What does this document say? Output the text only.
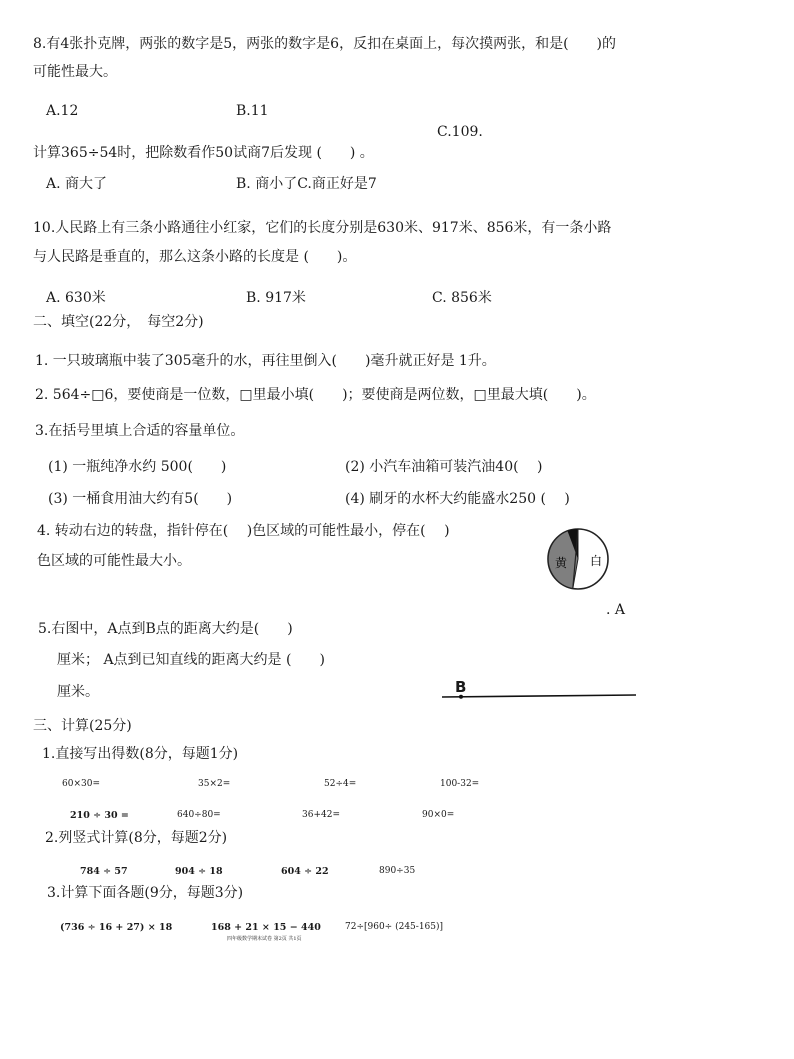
8.有4张扑克牌，两张的数字是5，两张的数字是6，反扣在桌面上，每次摸两张，和是(　　)的
可能性最大。
A.12	B.11
C.109.
计算365÷54时，把除数看作50试商7后发现 (　　) 。
A. 商大了	B. 商小了C.商正好是7
10.人民路上有三条小路通往小红家，它们的长度分别是630米、917米、856米，有一条小路
与人民路是垂直的，那么这条小路的长度是 (　　)。
A. 630米	B. 917米	C. 856米
二、填空(22分，　每空2分)
1. 一只玻璃瓶中装了305毫升的水，再往里倒入(　　)毫升就正好是 1升。
2. 564÷□6，要使商是一位数，□里最小填(　　)；要使商是两位数，□里最大填(　　)。
3.在括号里填上合适的容量单位。
(1) 一瓶纯净水约 500(　　)	(2) 小汽车油箱可装汽油40(　 )
(3) 一桶食用油大约有5(　　)	(4) 刷牙的水杯大约能盛水250 (　 )
4. 转动右边的转盘，指针停在(　 )色区域的可能性最小，停在(　 )
色区域的可能性最大小。	黄 白
. A
5.右图中，A点到B点的距离大约是(　　)
厘米； A点到已知直线的距离大约是 (　　)
厘米。	B
三、计算(25分)
1.直接写出得数(8分，每题1分)
60×30=	35×2=	52÷4=	100-32=
210 ÷ 30 =	640÷80=	36+42=	90×0=
2.列竖式计算(8分，每题2分)
784 ÷ 57	904 ÷ 18	604 ÷ 22	890÷35
3.计算下面各题(9分，每题3分)
(736 ÷ 16 + 27) × 18	168 + 21 × 15 − 440	72÷[960÷ (245-165)]
四年级数学期末试卷 第2页 共1页
